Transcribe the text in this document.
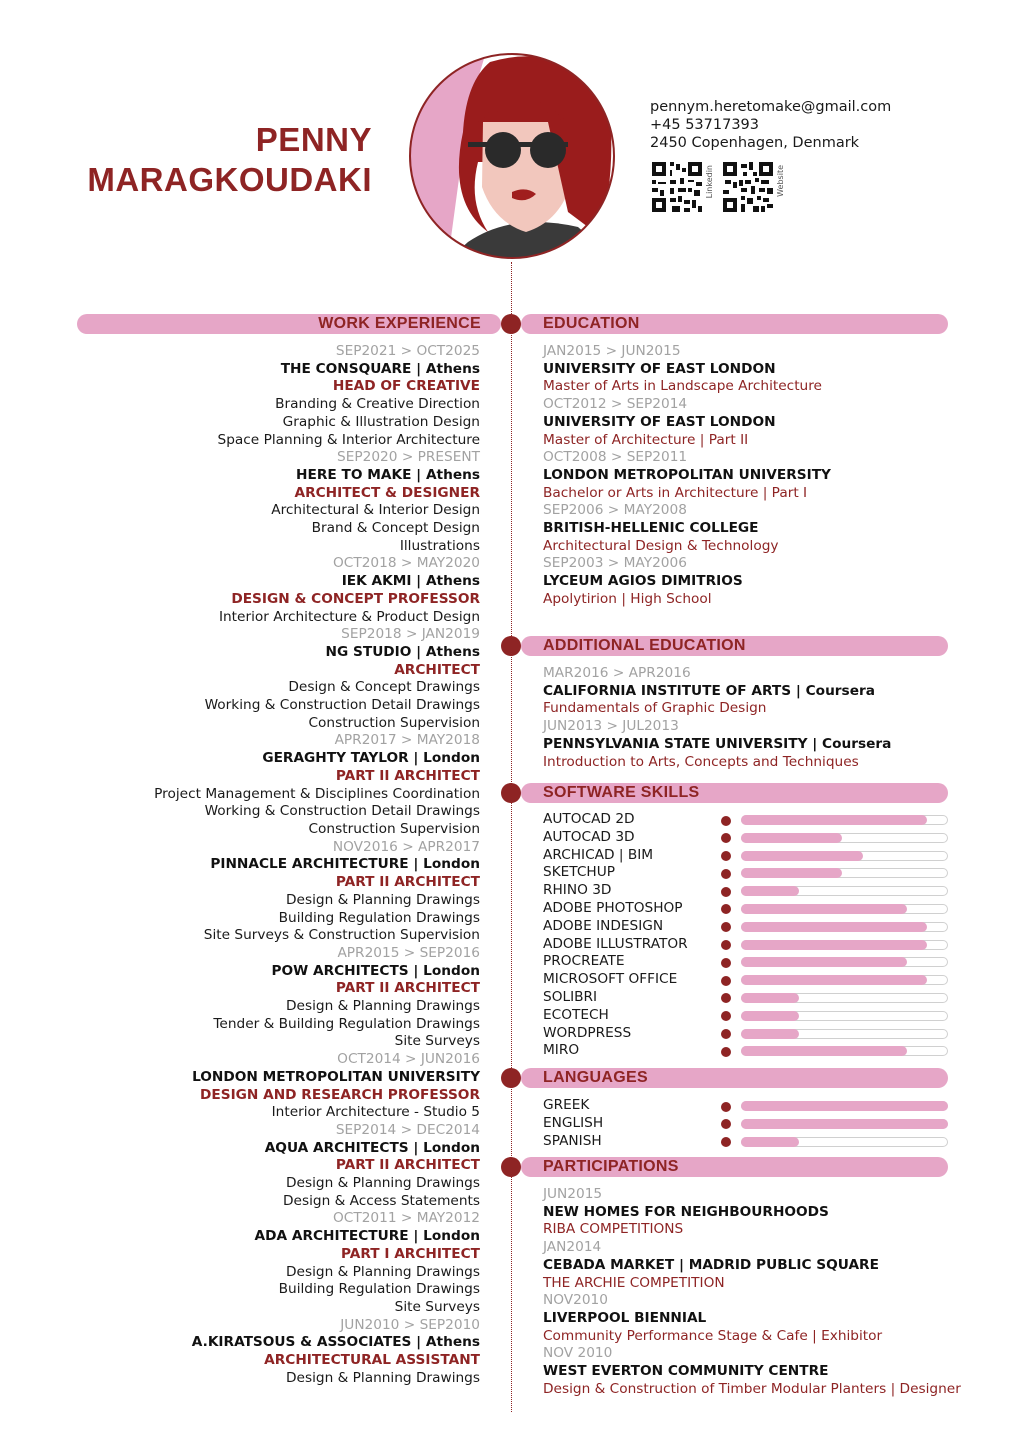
PENNY
MARAGKOUDAKI
pennym.heretomake@gmail.com
+45 53717393
2450 Copenhagen, Denmark
Linkedin	Website
WORK EXPERIENCE	EDUCATION
ADDITIONAL EDUCATION
SOFTWARE SKILLS
LANGUAGES
PARTICIPATIONS
SEP2021 > OCT2025
THE CONSQUARE | Athens
HEAD OF CREATIVE
Branding & Creative Direction
Graphic & Illustration Design
Space Planning & Interior Architecture
SEP2020 > PRESENT
HERE TO MAKE | Athens
ARCHITECT & DESIGNER
Architectural & Interior Design
Brand & Concept Design
Illustrations
OCT2018 > MAY2020
IEK AKMI | Athens
DESIGN & CONCEPT PROFESSOR
Interior Architecture & Product Design
SEP2018 > JAN2019
NG STUDIO | Athens
ARCHITECT
Design & Concept Drawings
Working & Construction Detail Drawings
Construction Supervision
APR2017 > MAY2018
GERAGHTY TAYLOR | London
PART II ARCHITECT
Project Management & Disciplines Coordination
Working & Construction Detail Drawings
Construction Supervision
NOV2016 > APR2017
PINNACLE ARCHITECTURE | London
PART II ARCHITECT
Design & Planning Drawings
Building Regulation Drawings
Site Surveys & Construction Supervision
APR2015 > SEP2016
POW ARCHITECTS | London
PART II ARCHITECT
Design & Planning Drawings
Tender & Building Regulation Drawings
Site Surveys
OCT2014 > JUN2016
LONDON METROPOLITAN UNIVERSITY
DESIGN AND RESEARCH PROFESSOR
Interior Architecture - Studio 5
SEP2014 > DEC2014
AQUA ARCHITECTS | London
PART II ARCHITECT
Design & Planning Drawings
Design & Access Statements
OCT2011 > MAY2012
ADA ARCHITECTURE | London
PART I ARCHITECT
Design & Planning Drawings
Building Regulation Drawings
Site Surveys
JUN2010 > SEP2010
A.KIRATSOUS & ASSOCIATES | Athens
ARCHITECTURAL ASSISTANT
Design & Planning Drawings
JAN2015 > JUN2015
UNIVERSITY OF EAST LONDON
Master of Arts in Landscape Architecture
OCT2012 > SEP2014
UNIVERSITY OF EAST LONDON
Master of Architecture | Part II
OCT2008 > SEP2011
LONDON METROPOLITAN UNIVERSITY
Bachelor or Arts in Architecture | Part I
SEP2006 > MAY2008
BRITISH-HELLENIC COLLEGE
Architectural Design & Technology
SEP2003 > MAY2006
LYCEUM AGIOS DIMITRIOS
Apolytirion | High School
MAR2016 > APR2016
CALIFORNIA INSTITUTE OF ARTS | Coursera
Fundamentals of Graphic Design
JUN2013 > JUL2013
PENNSYLVANIA STATE UNIVERSITY | Coursera
Introduction to Arts, Concepts and Techniques
AUTOCAD 2D
AUTOCAD 3D
ARCHICAD | BIM
SKETCHUP
RHINO 3D
ADOBE PHOTOSHOP
ADOBE INDESIGN
ADOBE ILLUSTRATOR
PROCREATE
MICROSOFT OFFICE
SOLIBRI
ECOTECH
WORDPRESS
MIRO
GREEK
ENGLISH
SPANISH
JUN2015
NEW HOMES FOR NEIGHBOURHOODS
RIBA COMPETITIONS
JAN2014
CEBADA MARKET | MADRID PUBLIC SQUARE
THE ARCHIE COMPETITION
NOV2010
LIVERPOOL BIENNIAL
Community Performance Stage & Cafe | Exhibitor
NOV 2010
WEST EVERTON COMMUNITY CENTRE
Design & Construction of Timber Modular Planters | Designer
